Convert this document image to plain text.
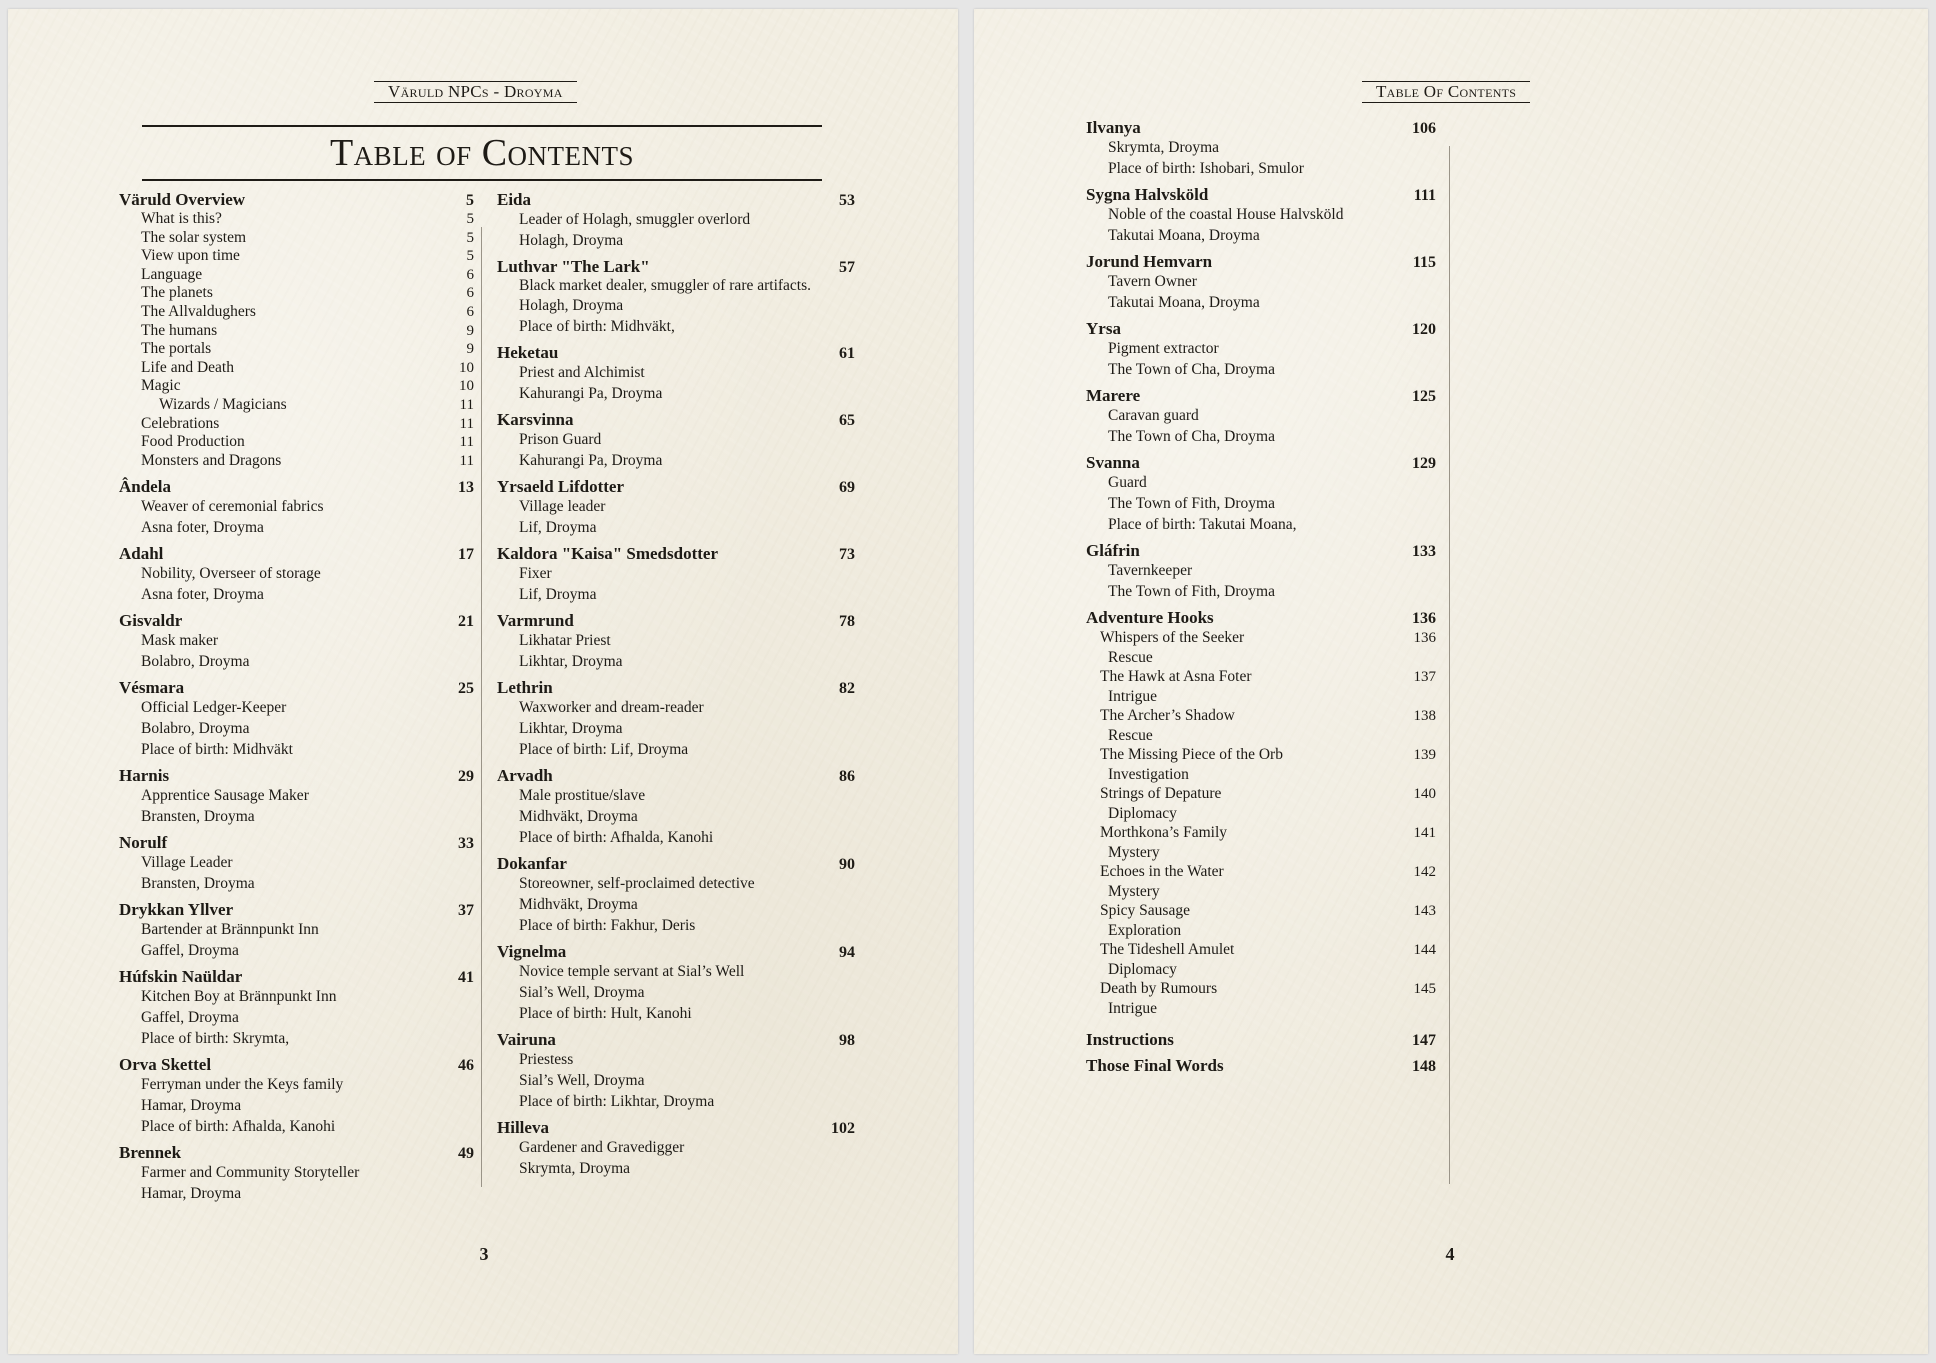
Väruld NPCs - Droyma
Table of Contents
Väruld Overview	5
What is this?	5
The solar system	5
View upon time	5
Language	6
The planets	6
The Allvaldughers	6
The humans	9
The portals	9
Life and Death	10
Magic	10
Wizards / Magicians	11
Celebrations	11
Food Production	11
Monsters and Dragons	11
Ândela	13
Weaver of ceremonial fabrics
Asna foter, Droyma
Adahl	17
Nobility, Overseer of storage
Asna foter, Droyma
Gisvaldr	21
Mask maker
Bolabro, Droyma
Vésmara	25
Official Ledger-Keeper
Bolabro, Droyma
Place of birth: Midhväkt
Harnis	29
Apprentice Sausage Maker
Bransten, Droyma
Norulf	33
Village Leader
Bransten, Droyma
Drykkan Yllver	37
Bartender at Brännpunkt Inn
Gaffel, Droyma
Húfskin Naüldar	41
Kitchen Boy at Brännpunkt Inn
Gaffel, Droyma
Place of birth: Skrymta,
Orva Skettel	46
Ferryman under the Keys family
Hamar, Droyma
Place of birth: Afhalda, Kanohi
Brennek	49
Farmer and Community Storyteller
Hamar, Droyma
Eida	53
Leader of Holagh, smuggler overlord
Holagh, Droyma
Luthvar "The Lark"	57
Black market dealer, smuggler of rare artifacts.
Holagh, Droyma
Place of birth: Midhväkt,
Heketau	61
Priest and Alchimist
Kahurangi Pa, Droyma
Karsvinna	65
Prison Guard
Kahurangi Pa, Droyma
Yrsaeld Lifdotter	69
Village leader
Lif, Droyma
Kaldora "Kaisa" Smedsdotter	73
Fixer
Lif, Droyma
Varmrund	78
Likhatar Priest
Likhtar, Droyma
Lethrin	82
Waxworker and dream-reader
Likhtar, Droyma
Place of birth: Lif, Droyma
Arvadh	86
Male prostitue/slave
Midhväkt, Droyma
Place of birth: Afhalda, Kanohi
Dokanfar	90
Storeowner, self-proclaimed detective
Midhväkt, Droyma
Place of birth: Fakhur, Deris
Vignelma	94
Novice temple servant at Sial’s Well
Sial’s Well, Droyma
Place of birth: Hult, Kanohi
Vairuna	98
Priestess
Sial’s Well, Droyma
Place of birth: Likhtar, Droyma
Hilleva	102
Gardener and Gravedigger
Skrymta, Droyma
3
Table Of Contents
Ilvanya	106
Skrymta, Droyma
Place of birth: Ishobari, Smulor
Sygna Halvsköld	111
Noble of the coastal House Halvsköld
Takutai Moana, Droyma
Jorund Hemvarn	115
Tavern Owner
Takutai Moana, Droyma
Yrsa	120
Pigment extractor
The Town of Cha, Droyma
Marere	125
Caravan guard
The Town of Cha, Droyma
Svanna	129
Guard
The Town of Fith, Droyma
Place of birth: Takutai Moana,
Gláfrin	133
Tavernkeeper
The Town of Fith, Droyma
Adventure Hooks	136
Whispers of the Seeker	136
Rescue
The Hawk at Asna Foter	137
Intrigue
The Archer’s Shadow	138
Rescue
The Missing Piece of the Orb	139
Investigation
Strings of Depature	140
Diplomacy
Morthkona’s Family	141
Mystery
Echoes in the Water	142
Mystery
Spicy Sausage	143
Exploration
The Tideshell Amulet	144
Diplomacy
Death by Rumours	145
Intrigue
Instructions	147
Those Final Words	148
4
